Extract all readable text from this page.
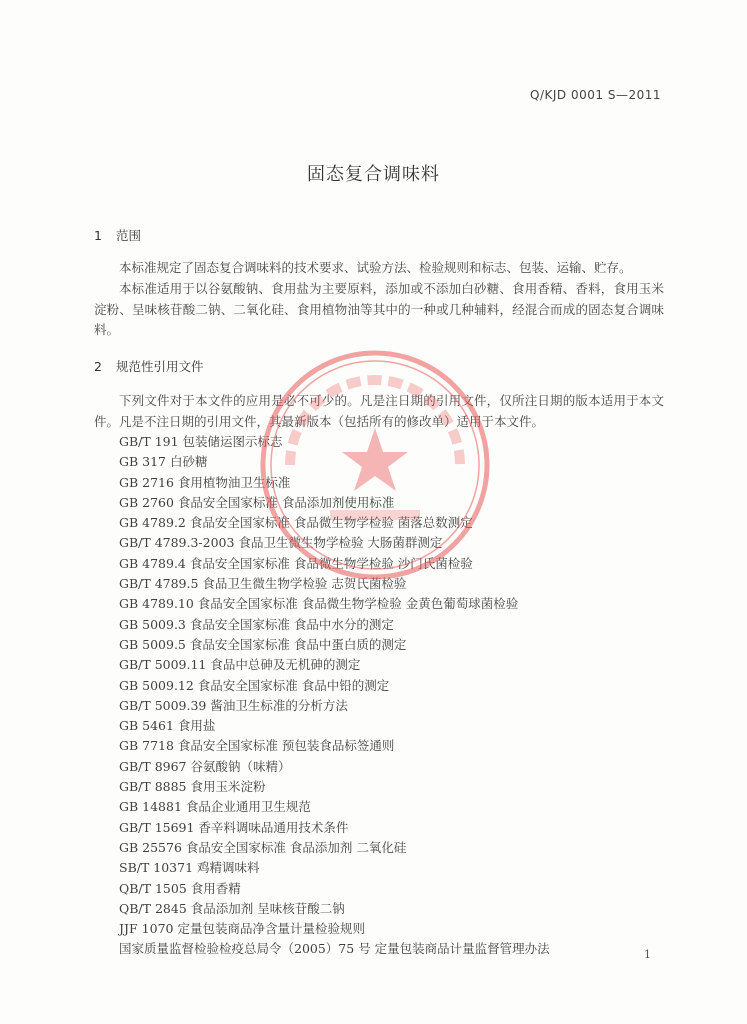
Q/KJD 0001 S—2011
固态复合调味料
1 范围

本标准规定了固态复合调味料的技术要求、试验方法、检验规则和标志、包装、运输、贮存。

本标准适用于以谷氨酸钠、食用盐为主要原料，添加或不添加白砂糖、食用香精、香料，食用玉米淀粉、呈味核苷酸二钠、二氧化硅、食用植物油等其中的一种或几种辅料，经混合而成的固态复合调味料。

2 规范性引用文件

下列文件对于本文件的应用是必不可少的。凡是注日期的引用文件，仅所注日期的版本适用于本文件。凡是不注日期的引用文件，其最新版本（包括所有的修改单）适用于本文件。

GB/T 191 包装储运图示标志
GB 317 白砂糖
GB 2716 食用植物油卫生标准
GB 2760 食品安全国家标准 食品添加剂使用标准
GB 4789.2 食品安全国家标准 食品微生物学检验 菌落总数测定
GB/T 4789.3-2003 食品卫生微生物学检验 大肠菌群测定
GB 4789.4 食品安全国家标准 食品微生物学检验 沙门氏菌检验
GB/T 4789.5 食品卫生微生物学检验 志贺氏菌检验
GB 4789.10 食品安全国家标准 食品微生物学检验 金黄色葡萄球菌检验
GB 5009.3 食品安全国家标准 食品中水分的测定
GB 5009.5 食品安全国家标准 食品中蛋白质的测定
GB/T 5009.11 食品中总砷及无机砷的测定
GB 5009.12 食品安全国家标准 食品中铅的测定
GB/T 5009.39 酱油卫生标准的分析方法
GB 5461 食用盐
GB 7718 食品安全国家标准 预包装食品标签通则
GB/T 8967 谷氨酸钠（味精）
GB/T 8885 食用玉米淀粉
GB 14881 食品企业通用卫生规范
GB/T 15691 香辛料调味品通用技术条件
GB 25576 食品安全国家标准 食品添加剂 二氧化硅
SB/T 10371 鸡精调味料
QB/T 1505 食用香精
QB/T 2845 食品添加剂 呈味核苷酸二钠
JJF 1070 定量包装商品净含量计量检验规则
国家质量监督检验检疫总局令（2005）75 号 定量包装商品计量监督管理办法	1
